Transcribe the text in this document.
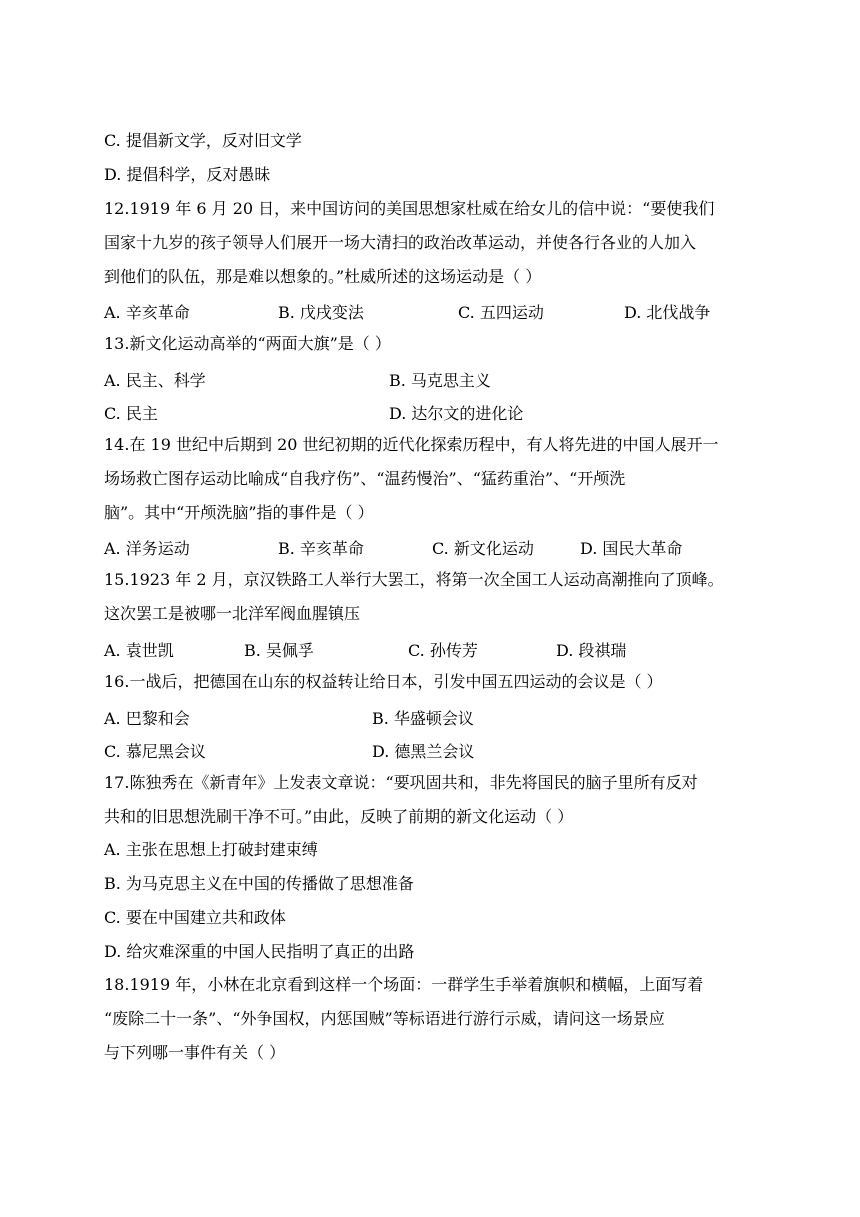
C. 提倡新文学，反对旧文学
D. 提倡科学，反对愚昧
12.1919 年 6 月 20 日，来中国访问的美国思想家杜威在给女儿的信中说：“要使我们
国家十九岁的孩子领导人们展开一场大清扫的政治改革运动，并使各行各业的人加入
到他们的队伍，那是难以想象的。”杜威所述的这场运动是（ ）
A. 辛亥革命	B. 戊戌变法	C. 五四运动	D. 北伐战争
13.新文化运动高举的“两面大旗”是（ ）
A. 民主、科学	B. 马克思主义
C. 民主	D. 达尔文的进化论
14.在 19 世纪中后期到 20 世纪初期的近代化探索历程中，有人将先进的中国人展开一
场场救亡图存运动比喻成“自我疗伤”、“温药慢治”、“猛药重治”、“开颅洗
脑”。其中“开颅洗脑”指的事件是（ ）
A. 洋务运动	B. 辛亥革命	C. 新文化运动	D. 国民大革命
15.1923 年 2 月，京汉铁路工人举行大罢工，将第一次全国工人运动高潮推向了顶峰。
这次罢工是被哪一北洋军阀血腥镇压
A. 袁世凯	B. 吴佩孚	C. 孙传芳	D. 段祺瑞
16.一战后，把德国在山东的权益转让给日本，引发中国五四运动的会议是（ ）
A. 巴黎和会	B. 华盛顿会议
C. 慕尼黑会议	D. 德黑兰会议
17.陈独秀在《新青年》上发表文章说：“要巩固共和，非先将国民的脑子里所有反对
共和的旧思想洗刷干净不可。”由此，反映了前期的新文化运动（ ）
A. 主张在思想上打破封建束缚
B. 为马克思主义在中国的传播做了思想准备
C. 要在中国建立共和政体
D. 给灾难深重的中国人民指明了真正的出路
18.1919 年，小林在北京看到这样一个场面：一群学生手举着旗帜和横幅，上面写着
“废除二十一条”、“外争国权，内惩国贼”等标语进行游行示威，请问这一场景应
与下列哪一事件有关（ ）
